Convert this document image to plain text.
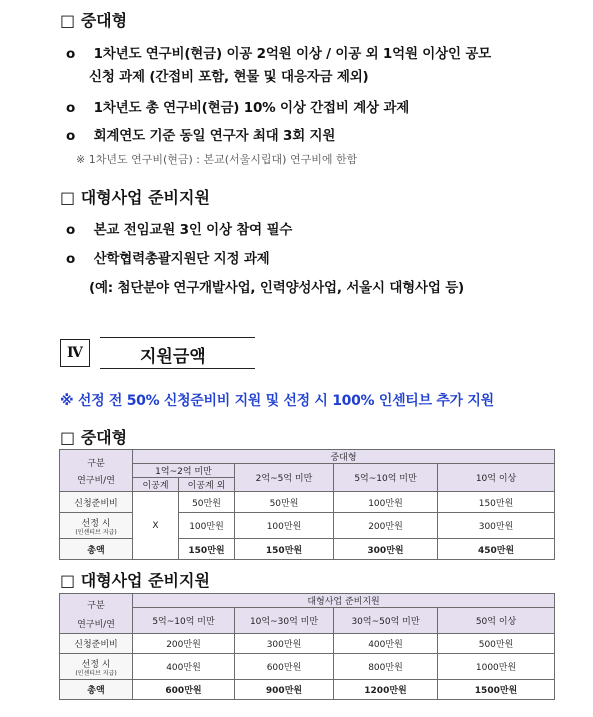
□ 중대형
o 1차년도 연구비(현금) 이공 2억원 이상 / 이공 외 1억원 이상인 공모
신청 과제 (간접비 포함, 현물 및 대응자금 제외)
o 1차년도 총 연구비(현금) 10% 이상 간접비 계상 과제
o 회계연도 기준 동일 연구자 최대 3회 지원
※ 1차년도 연구비(현금) : 본교(서울시립대) 연구비에 한함
□ 대형사업 준비지원
o 본교 전임교원 3인 이상 참여 필수
o 산학협력총괄지원단 지정 과제
(예: 첨단분야 연구개발사업, 인력양성사업, 서울시 대형사업 등)
Ⅳ	지원금액
※ 선정 전 50% 신청준비비 지원 및 선정 시 100% 인센티브 추가 지원
□ 중대형
구분
연구비/연	중대형				
	1억~2억 미만		2억~5억 미만	5억~10억 미만	10억 이상
	이공계	이공계 외			
신청준비비	X	50만원	50만원	100만원	150만원

선정 시
(인센티브 지급)		100만원	100만원	200만원	300만원
총액		150만원	150만원	300만원	450만원
□ 대형사업 준비지원
구분
연구비/연	대형사업 준비지원			
	5억~10억 미만	10억~30억 미만	30억~50억 미만	50억 이상
신청준비비	200만원	300만원	400만원	500만원

선정 시
(인센티브 지급)	400만원	600만원	800만원	1000만원
총액	600만원	900만원	1200만원	1500만원
